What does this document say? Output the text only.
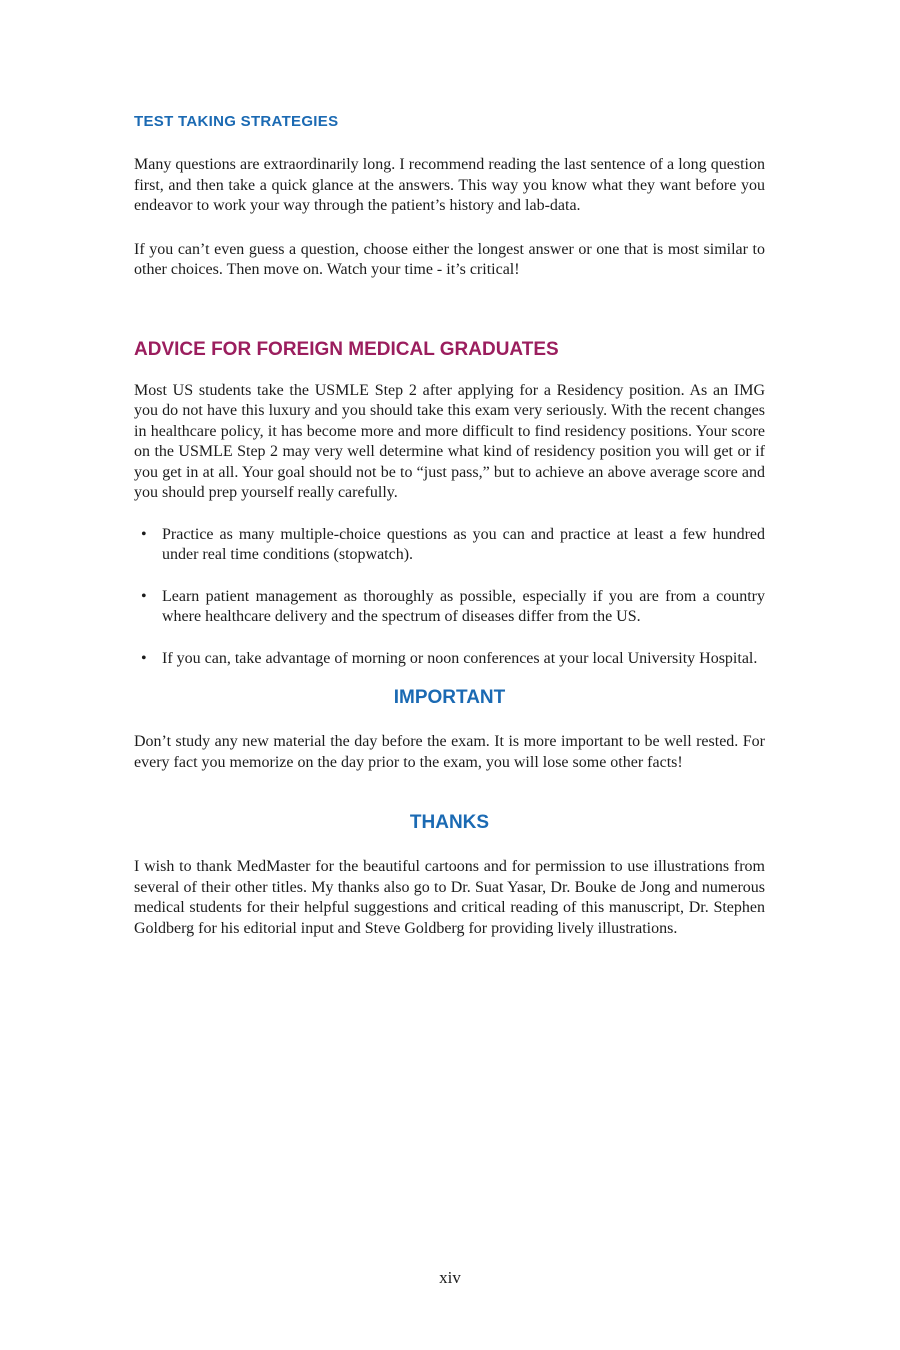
TEST TAKING STRATEGIES

Many questions are extraordinarily long. I recommend reading the last sentence of a long question first, and then take a quick glance at the answers. This way you know what they want before you endeavor to work your way through the patient’s history and lab-data.

If you can’t even guess a question, choose either the longest answer or one that is most similar to other choices. Then move on. Watch your time - it’s critical!

ADVICE FOR FOREIGN MEDICAL GRADUATES

Most US students take the USMLE Step 2 after applying for a Residency position. As an IMG you do not have this luxury and you should take this exam very seriously. With the recent changes in healthcare policy, it has become more and more difficult to find residency positions. Your score on the USMLE Step 2 may very well determine what kind of residency position you will get or if you get in at all. Your goal should not be to “just pass,” but to achieve an above average score and you should prep yourself really carefully.

• Practice as many multiple-choice questions as you can and practice at least a few hundred under real time conditions (stopwatch).
• Learn patient management as thoroughly as possible, especially if you are from a country where healthcare delivery and the spectrum of diseases differ from the US.
• If you can, take advantage of morning or noon conferences at your local University Hospital.
IMPORTANT

Don’t study any new material the day before the exam. It is more important to be well rested. For every fact you memorize on the day prior to the exam, you will lose some other facts!

THANKS

I wish to thank MedMaster for the beautiful cartoons and for permission to use illustrations from several of their other titles. My thanks also go to Dr. Suat Yasar, Dr. Bouke de Jong and numerous medical students for their helpful suggestions and critical reading of this manuscript, Dr. Stephen Goldberg for his editorial input and Steve Goldberg for providing lively illustrations.

xiv
